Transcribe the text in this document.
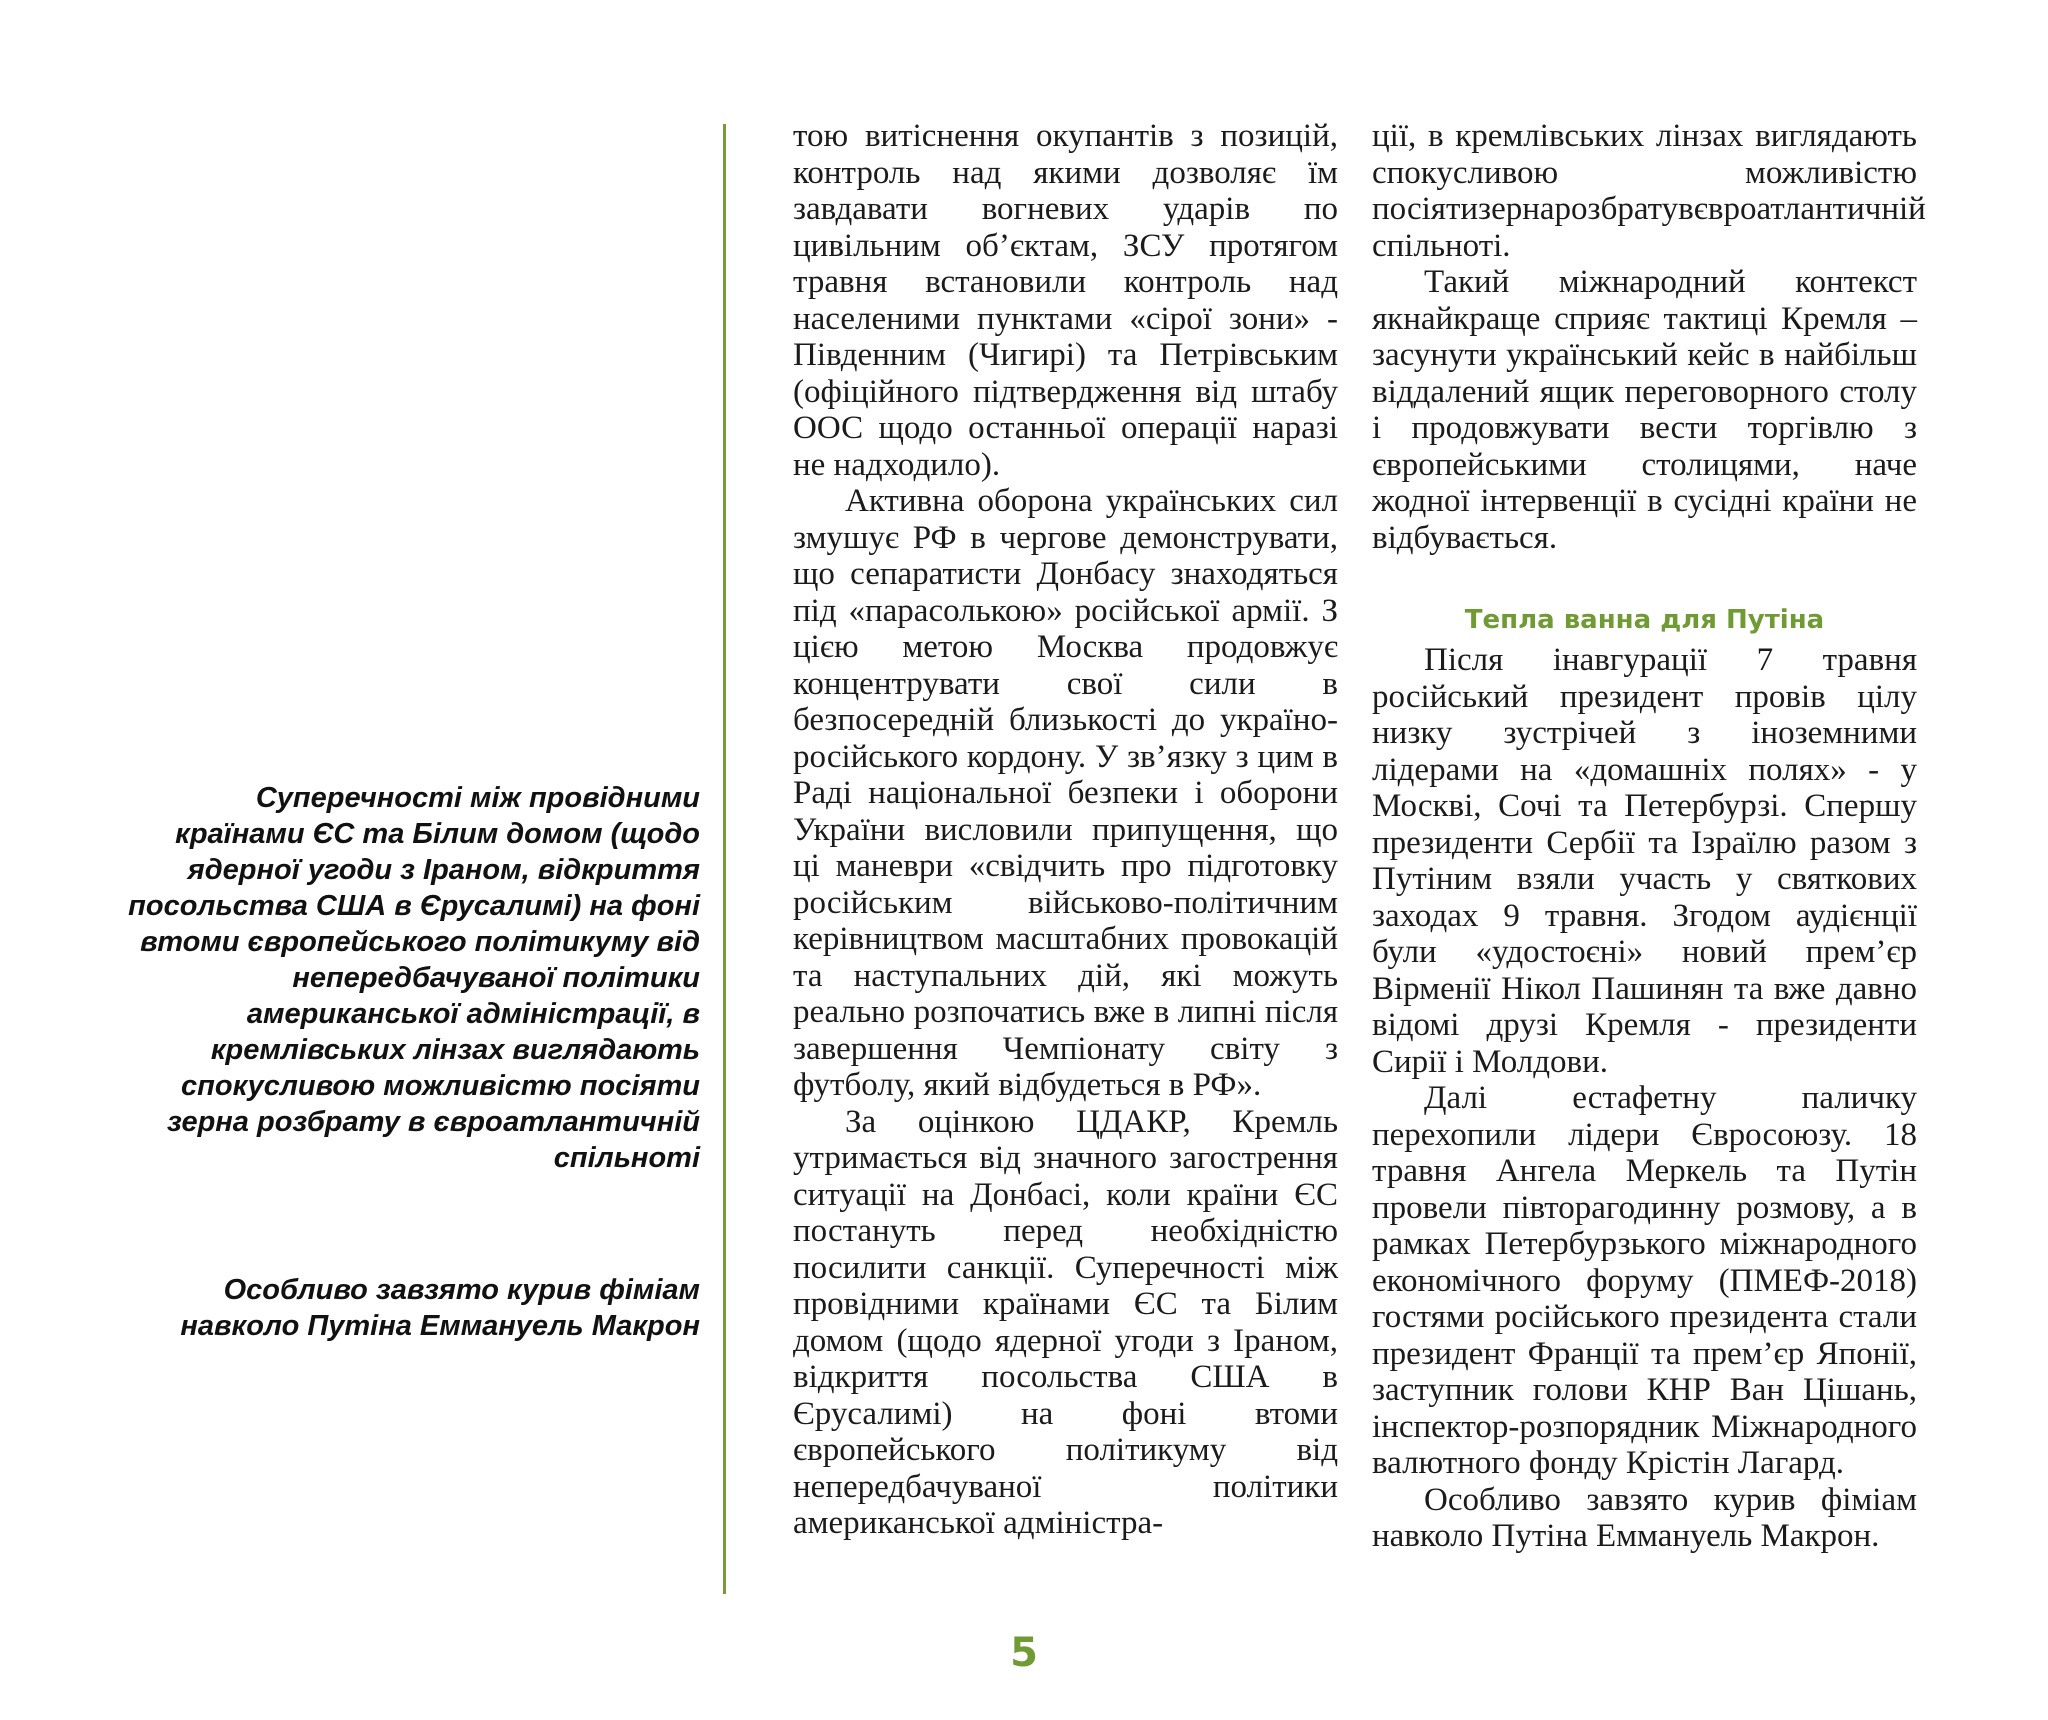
Суперечності між провідними країнами ЄС та Білим домом (щодо ядерної угоди з Іраном, відкриття посольства США в Єрусалимі) на фоні втоми європейського політикуму від непередбачуваної політики американської адміністрації, в кремлівських лінзах виглядають спокусливою можливістю посіяти зерна розбрату в євроатлантичній спільноті

Особливо завзято курив фіміам навколо Путіна Еммануель Макрон

тою витіснення окупантів з позицій, контроль над якими дозволяє їм завдавати вогневих ударів по цивільним об’єктам, ЗСУ протягом травня встановили контроль над населеними пунктами «сірої зони» - Південним (Чигирі) та Петрівським (офіційного підтвердження від штабу ООС щодо останньої операції наразі не надходило).

Активна оборона українських сил змушує РФ в чергове демонструвати, що сепаратисти Донбасу знаходяться під «парасолькою» російської армії. З цією метою Москва продовжує концентрувати свої сили в безпосередній близькості до україно-російського кордону. У зв’язку з цим в Раді національної безпеки і оборони України висловили припущення, що ці маневри «свідчить про підготовку російським військово-політичним керівництвом масштабних провокацій та наступальних дій, які можуть реально розпочатись вже в липні після завершення Чемпіонату світу з футболу, який відбудеться в РФ».

За оцінкою ЦДАКР, Кремль утримається від значного загострення ситуації на Донбасі, коли країни ЄС постануть перед необхідністю посилити санкції. Суперечності між провідними країнами ЄС та Білим домом (щодо ядерної угоди з Іраном, відкриття посольства США в Єрусалимі) на фоні втоми європейського політикуму від непередбачуваної політики американської адміністра-

ції, в кремлівських лінзах виглядають спокусливою можливістю посіятизернарозбратувєвроатлантичній спільноті.

Такий міжнародний контекст якнайкраще сприяє тактиці Кремля – засунути український кейс в найбільш віддалений ящик переговорного столу і продовжувати вести торгівлю з європейськими столицями, наче жодної інтервенції в сусідні країни не відбувається.

Тепла ванна для Путіна

Після інавгурації 7 травня російський президент провів цілу низку зустрічей з іноземними лідерами на «домашніх полях» - у Москві, Сочі та Петербурзі. Спершу президенти Сербії та Ізраїлю разом з Путіним взяли участь у святкових заходах 9 травня. Згодом аудієнції були «удостоєні» новий прем’єр Вірменії Нікол Пашинян та вже давно відомі друзі Кремля - президенти Сирії і Молдови.

Далі естафетну паличку перехопили лідери Євросоюзу. 18 травня Ангела Меркель та Путін провели півторагодинну розмову, а в рамках Петербурзького міжнародного економічного форуму (ПМЕФ-2018) гостями російського президента стали президент Франції та прем’єр Японії, заступник голови КНР Ван Цішань, інспектор-розпорядник Міжнародного валютного фонду Крістін Лагард.

Особливо завзято курив фіміам навколо Путіна Еммануель Макрон.

5
